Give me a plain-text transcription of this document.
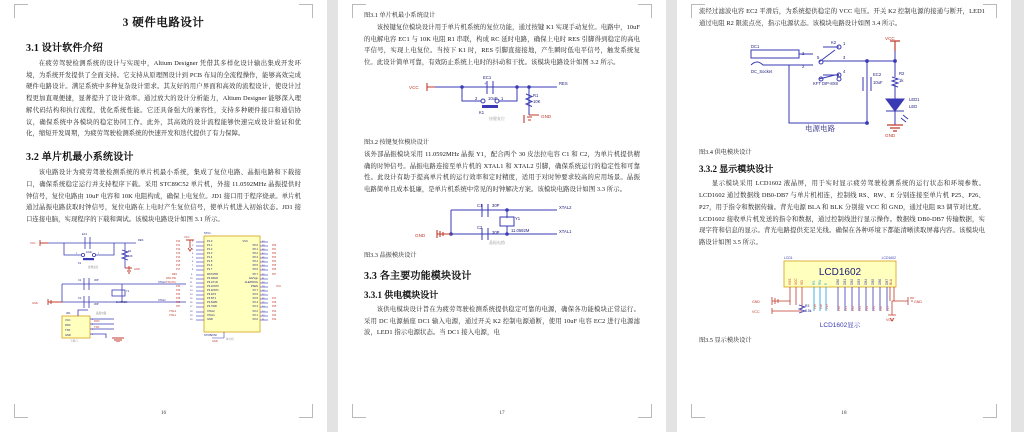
3 硬件电路设计
3.1 设计软件介绍

在疲劳驾驶检测系统的设计与实现中，Altium Designer 凭借其多样化设计输出集成开发环境，为系统开发提供了全面支持。它支持从原理图设计到 PCB 布局的全流程操作，能够高效完成硬件电路设计。满足系统中多种复杂设计需求。其友好的用户界面和高效的流程设计，使设计过程更加直观便捷，显著提升了设计效率。通过放大的设计分析能力，Altium Designer 能够深入理解代码结构和执行流程，优化系统性能。它还具备强大的兼容性，支持多种硬件接口和通信协议，确保系统中各模块的稳定协同工作。此外，其高效的设计流程能够快速完成设计验证和优化，缩短开发周期，为疲劳驾驶检测系统的快速开发和迭代提供了有力保障。

3.2 单片机最小系统设计

该电路设计为疲劳驾驶检测系统的单片机最小系统，集成了复位电路、晶振电路和下载接口，确保系统稳定运行并支持程序下载。采用 STC89C52 单片机，外接 11.0592MHz 晶振提供时钟信号，复位电路由 10uF 电容和 10K 电阻构成，确保上电复位。JD1 接口用于程序烧录。单片机通过晶振电路获取时钟信号，复位电路在上电时产生复位信号，使单片机进入初始状态。JD1 接口连接电脑，实现程序的下载和调试。该模块电路设计如图 3.1 所示。

P10
P11
P12
P13
P14
P15
P16
P17
RES
RXD P30
TXD P31
P32
P33
P34
P35
P36
P37
XTAL2
XTAL1
P00
P01
P02
P03
P04
P05
P06
P07
VCC
P27
P26
P25
P24
P23
P22
P1.0
P1.1
P1.2
P1.3
P1.4
P1.5
P1.6
P1.7
RST/VPD
P3.0/RxD
P3.1/TxD
P3.2/INT0
P3.3/INT1
P3.4/T0
P3.5/T1
P3.6/WR
P3.7/RD
XTAL2
XTAL1
GND
VCC
P0.0
P0.1
P0.2
P0.3
P0.4
P0.5
P0.6
P0.7
EA/Vpp
ALE/PROG
PSEN
P2.7
P2.6
P2.5
P2.4
P2.3
P2.2
P2.1
P2.0
STC1
STC89C52
JD1
VCC
RXD
TXD
GND
EC1
10uF
RES
R1
10K
K1
C1	30P
C2
30P
Y1
11.0592M
XTAL2
XTAL1
VCC
GND
GND
VCC
RXD
TXD
GND
按键复位
晶振电路
下载口
单片机
2	1
1
2
3
4
5
6
7
8
9
10
11
12
13
14
15
16
17
18
19
20
40
39
38
37
36
35
34
33
32
31
30
29
28
27
26
25
24
23
22
21
1
2
3
4
16
图3.1 单片机最小系统设计

该按键复位模块设计用于单片机系统的复位功能，通过按键 K1 实现手动复位。电路中，10uF 的电解电容 EC1 与 10K 电阻 R1 串联，构成 RC 延时电路，确保上电时 RES 引脚得到稳定的高电平信号，实现上电复位。当按下 K1 时，RES 引脚直接接地，产生瞬时低电平信号，触发系统复位。此设计简单可靠，有效防止系统上电时的抖动和干扰。该模块电路设计如图 3.2 所示。

EC1
10uF
RES
R1
10K
K1
2	1
+
VCC
GND
按键复位
图3.2 按键复位模块设计

该外部晶振模块采用 11.0592MHz 晶振 Y1，配合两个 30 皮法拉电容 C1 和 C2，为单片机提供精确的时钟信号。晶振电路连接至单片机的 XTAL1 和 XTAL2 引脚，确保系统运行的稳定性和可靠性。此设计有助于提高单片机的运行效率和定时精度，适用于对时钟要求较高的应用场景。晶振电路简单且成本低廉，是单片机系统中常见的时钟解决方案。该模块电路设计如图 3.3 所示。

C1 30P
C2
30P
Y1
11.0592M
XTAL2
XTAL1
GND
晶振电路
图3.3 晶振模块设计
3.3 各主要功能模块设计
3.3.1 供电模块设计

该供电模块设计旨在为疲劳驾驶检测系统提供稳定可靠的电源，确保各功能模块正常运行。采用 DC 电源插座 DC1 输入电源，通过开关 K2 控制电源通断，使用 10uF 电容 EC2 进行电源滤波，LED1 指示电源状态。当 DC1 接入电源，电

17

流经过滤波电容 EC2 平滑后，为系统提供稳定的 VCC 电压。开关 K2 控制电源的接通与断开，LED1 通过电阻 R2 限流点亮，指示电源状态。该模块电路设计如图 3.4 所示。

DC1
DC_Socket
K2
KFT DIP-8X8
EC2
10uF
R2
1k
LED1
LED
2
1
3
2
4
6
5
VCC
GND
电源电路
图3.4 供电模块设计
3.3.2 显示模块设计

显示模块采用 LCD1602 液晶屏，用于实时显示疲劳驾驶检测系统的运行状态和环境参数。LCD1602 通过数据线 DB0-DB7 与单片机相连，控制线 RS、RW、E 分别连接至单片机 P25、P26、P27，用于指令和数据传输。背光电源 BLA 和 BLK 分别接 VCC 和 GND，通过电阻 R3 调节对比度。LCD1602 接收单片机发送的指令和数据，通过控制线进行显示操作。数据线 DB0-DB7 传输数据，实现字符和信息的显示。背光电路提供充足光线。确保在各种环境下都能清晰读取屏幕内容。该模块电路设计如图 3.5 所示。

LCD1602
LCD1	LCD1602
VSS VCC VO	RS RW E	DB0 DB1 DB2 DB3 DB4 DB5 DB6 DB7 BLA
P25 P26 P27	P10 P11 P12 P13 P14 P15 P16 P17
GND
VCC
VCC
GND
R3
5.5k
LCD1602显示
图3.5 显示模块设计
18
